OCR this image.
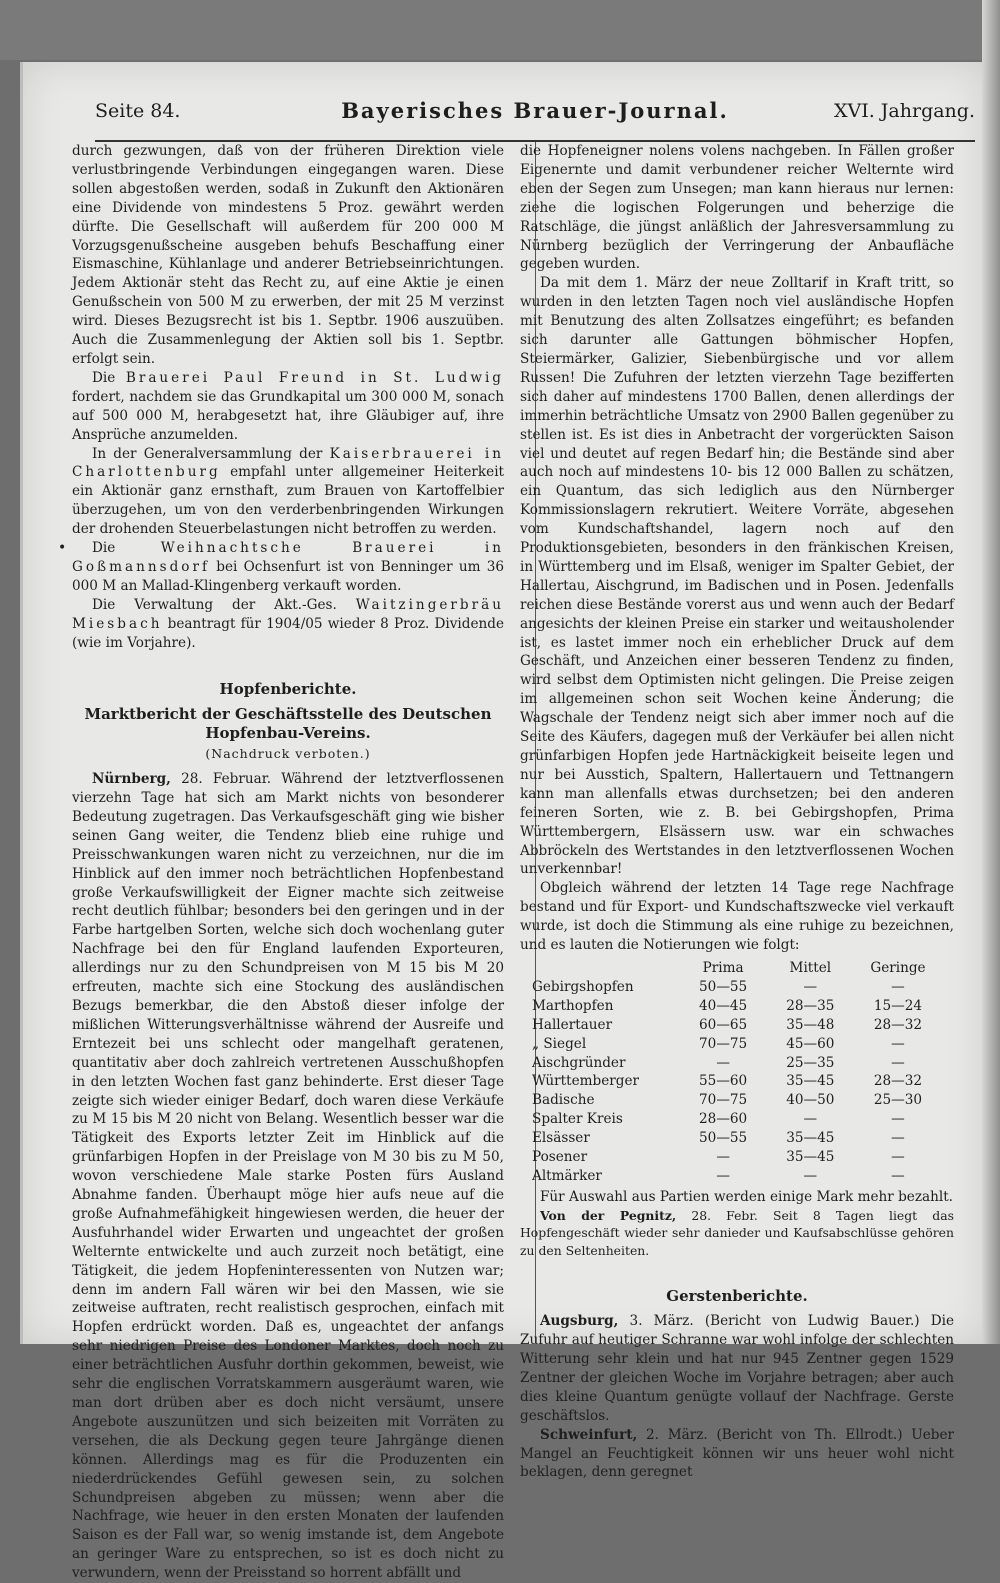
Seite 84.	Bayerisches Brauer-Journal.	XVI. Jahrgang.

durch gezwungen, daß von der früheren Direktion viele verlustbringende Verbindungen eingegangen waren. Diese sollen abgestoßen werden, sodaß in Zukunft den Aktionären eine Dividende von mindestens 5 Proz. gewährt werden dürfte. Die Gesellschaft will außerdem für 200 000 M Vorzugsgenußscheine ausgeben behufs Beschaffung einer Eismaschine, Kühlanlage und anderer Betriebseinrichtungen. Jedem Aktionär steht das Recht zu, auf eine Aktie je einen Genußschein von 500 M zu erwerben, der mit 25 M verzinst wird. Dieses Bezugsrecht ist bis 1. Septbr. 1906 auszuüben. Auch die Zusammenlegung der Aktien soll bis 1. Septbr. erfolgt sein.

Die Brauerei Paul Freund in St. Ludwig fordert, nachdem sie das Grundkapital um 300 000 M, sonach auf 500 000 M, herabgesetzt hat, ihre Gläubiger auf, ihre Ansprüche anzumelden.

In der Generalversammlung der Kaiserbrauerei in Charlottenburg empfahl unter allgemeiner Heiterkeit ein Aktionär ganz ernsthaft, zum Brauen von Kartoffelbier überzugehen, um von den verderbenbringenden Wirkungen der drohenden Steuerbelastungen nicht betroffen zu werden.

Die	Weihnachtsche Brauerei in Goßmannsdorf bei Ochsenfurt ist von Benninger um 36 000 M an Mallad-Klingenberg verkauft worden.

Die Verwaltung der Akt.-Ges. Waitzingerbräu Miesbach beantragt für 1904/05 wieder 8 Proz. Dividende (wie im Vorjahre).

Hopfenberichte.
Marktbericht der Geschäftsstelle des Deutschen Hopfenbau-Vereins.
(Nachdruck verboten.)

Nürnberg, 28. Februar. Während der letztverflossenen vierzehn Tage hat sich am Markt nichts von besonderer Bedeutung zugetragen. Das Verkaufsgeschäft ging wie bisher seinen Gang weiter, die Tendenz blieb eine ruhige und Preisschwankungen waren nicht zu verzeichnen, nur die im Hinblick auf den immer noch beträchtlichen Hopfenbestand große Verkaufswilligkeit der Eigner machte sich zeitweise recht deutlich fühlbar; besonders bei den geringen und in der Farbe hartgelben Sorten, welche sich doch wochenlang guter Nachfrage bei den für England laufenden Exporteuren, allerdings nur zu den Schundpreisen von M 15 bis M 20 erfreuten, machte sich eine Stockung des ausländischen Bezugs bemerkbar, die den Abstoß dieser infolge der mißlichen Witterungsverhältnisse während der Ausreife und Erntezeit bei uns schlecht oder mangelhaft geratenen, quantitativ aber doch zahlreich vertretenen Ausschußhopfen in den letzten Wochen fast ganz behinderte. Erst dieser Tage zeigte sich wieder einiger Bedarf, doch waren diese Verkäufe zu M 15 bis M 20 nicht von Belang. Wesentlich besser war die Tätigkeit des Exports letzter Zeit im Hinblick auf die grünfarbigen Hopfen in der Preislage von M 30 bis zu M 50, wovon verschiedene Male starke Posten fürs Ausland Abnahme fanden. Überhaupt möge hier aufs neue auf die große Aufnahmefähigkeit hingewiesen werden, die heuer der Ausfuhrhandel wider Erwarten und ungeachtet der großen Welternte entwickelte und auch zurzeit noch betätigt, eine Tätigkeit, die jedem Hopfeninteressenten von Nutzen war; denn im andern Fall wären wir bei den Massen, wie sie zeitweise auftraten, recht realistisch gesprochen, einfach mit Hopfen erdrückt worden. Daß es, ungeachtet der anfangs sehr niedrigen Preise des Londoner Marktes, doch noch zu einer beträchtlichen Ausfuhr dorthin gekommen, beweist, wie sehr die englischen Vorratskammern ausgeräumt waren, wie man dort drüben aber es doch nicht versäumt, unsere Angebote auszunützen und sich beizeiten mit Vorräten zu versehen, die als Deckung gegen teure Jahrgänge dienen können. Allerdings mag es für die Produzenten ein niederdrückendes Gefühl gewesen sein, zu solchen Schundpreisen abgeben zu müssen; wenn aber die Nachfrage, wie heuer in den ersten Monaten der laufenden Saison es der Fall war, so wenig imstande ist, dem Angebote an geringer Ware zu entsprechen, so ist es doch nicht zu verwundern, wenn der Preisstand so horrent abfällt und

•

die Hopfeneigner nolens volens nachgeben. In Fällen großer Eigenernte und damit verbundener reicher Welternte wird eben der Segen zum Unsegen; man kann hieraus nur lernen: ziehe die logischen Folgerungen und beherzige die Ratschläge, die jüngst anläßlich der Jahresversammlung zu Nürnberg bezüglich der Verringerung der Anbaufläche gegeben wurden.

Da mit dem 1. März der neue Zolltarif in Kraft tritt, so wurden in den letzten Tagen noch viel ausländische Hopfen mit Benutzung des alten Zollsatzes eingeführt; es befanden sich darunter alle Gattungen böhmischer Hopfen, Steiermärker, Galizier, Siebenbürgische und vor allem Russen! Die Zufuhren der letzten vierzehn Tage bezifferten sich daher auf mindestens 1700 Ballen, denen allerdings der immerhin beträchtliche Umsatz von 2900 Ballen gegenüber zu stellen ist. Es ist dies in Anbetracht der vorgerückten Saison viel und deutet auf regen Bedarf hin; die Bestände sind aber auch noch auf mindestens 10- bis 12 000 Ballen zu schätzen, ein Quantum, das sich lediglich aus den Nürnberger Kommissionslagern rekrutiert. Weitere Vorräte, abgesehen vom Kundschaftshandel, lagern noch auf den Produktionsgebieten, besonders in den fränkischen Kreisen, in Württemberg und im Elsaß, weniger im Spalter Gebiet, der Hallertau, Aischgrund, im Badischen und in Posen. Jedenfalls reichen diese Bestände vorerst aus und wenn auch der Bedarf angesichts der kleinen Preise ein starker und weitausholender ist, es lastet immer noch ein erheblicher Druck auf dem Geschäft, und Anzeichen einer besseren Tendenz zu finden, wird selbst dem Optimisten nicht gelingen. Die Preise zeigen im allgemeinen schon seit Wochen keine Änderung; die Wagschale der Tendenz neigt sich aber immer noch auf die Seite des Käufers, dagegen muß der Verkäufer bei allen nicht grünfarbigen Hopfen jede Hartnäckigkeit beiseite legen und nur bei Ausstich, Spaltern, Hallertauern und Tettnangern kann man allenfalls etwas durchsetzen; bei den anderen feineren Sorten, wie z. B. bei Gebirgshopfen, Prima Württembergern, Elsässern usw. war ein schwaches Abbröckeln des Wertstandes in den letztverflossenen Wochen unverkennbar!

Obgleich während der letzten 14 Tage rege Nachfrage bestand und für Export- und Kundschaftszwecke viel verkauft wurde, ist doch die Stimmung als eine ruhige zu bezeichnen, und es lauten die Notierungen wie folgt:

	Prima	Mittel	Geringe
Gebirgshopfen	50—55	—	—
Marthopfen	40—45	28—35	15—24
Hallertauer	60—65	35—48	28—32
„ Siegel	70—75	45—60	—
Aischgründer	—	25—35	—
Württemberger	55—60	35—45	28—32
Badische	70—75	40—50	25—30
Spalter Kreis	28—60	—	—
Elsässer	50—55	35—45	—
Posener	—	35—45	—
Altmärker	—	—	—

Für Auswahl aus Partien werden einige Mark mehr bezahlt.

Von der Pegnitz, 28. Febr. Seit 8 Tagen liegt das Hopfengeschäft wieder sehr danieder und Kaufsabschlüsse gehören zu den Seltenheiten.

Gerstenberichte.

Augsburg, 3. März. (Bericht von Ludwig Bauer.) Die Zufuhr auf heutiger Schranne war wohl infolge der schlechten Witterung sehr klein und hat nur 945 Zentner gegen 1529 Zentner der gleichen Woche im Vorjahre betragen; aber auch dies kleine Quantum genügte vollauf der Nachfrage. Gerste geschäftslos.

Schweinfurt, 2. März. (Bericht von Th. Ellrodt.) Ueber Mangel an Feuchtigkeit können wir uns heuer wohl nicht beklagen, denn geregnet
